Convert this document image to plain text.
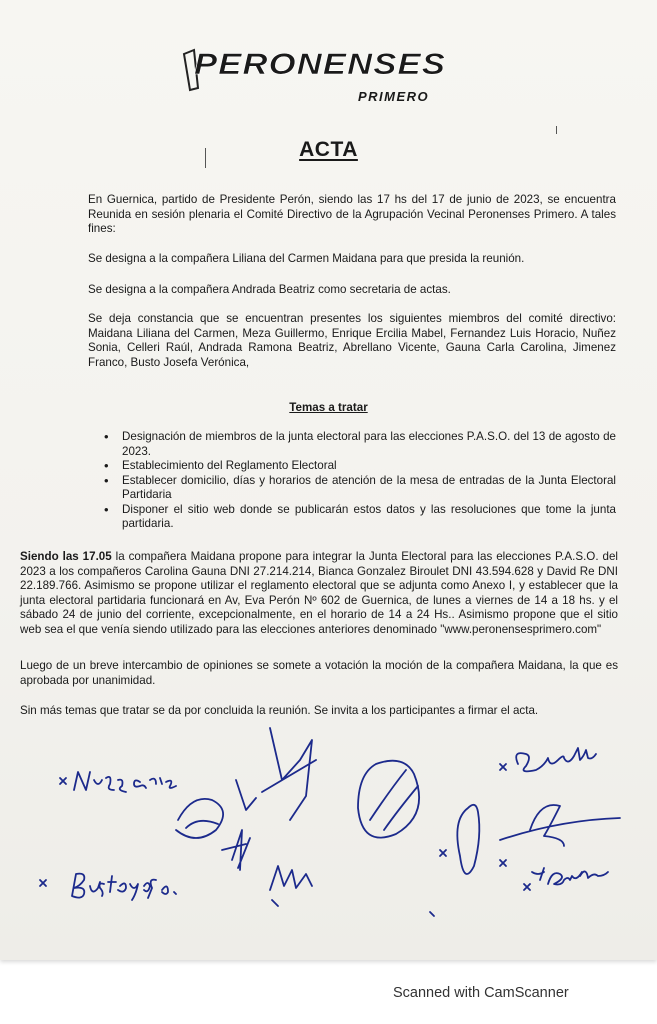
PERONENSES
PRIMERO
ACTA
En Guernica, partido de Presidente Perón, siendo las 17 hs del 17 de junio de 2023, se encuentra Reunida en sesión plenaria el Comité Directivo de la Agrupación Vecinal Peronenses Primero. A tales fines:
Se designa a la compañera Liliana del Carmen Maidana para que presida la reunión.
Se designa a la compañera Andrada Beatriz como secretaria de actas.
Se deja constancia que se encuentran presentes los siguientes miembros del comité directivo: Maidana Liliana del Carmen, Meza Guillermo, Enrique Ercilia Mabel, Fernandez Luis Horacio, Nuñez Sonia, Celleri Raúl, Andrada Ramona Beatriz, Abrellano Vicente, Gauna Carla Carolina, Jimenez Franco, Busto Josefa Verónica,
Temas a tratar
• Designación de miembros de la junta electoral para las elecciones P.A.S.O. del 13 de agosto de 2023.
• Establecimiento del Reglamento Electoral
• Establecer domicilio, días y horarios de atención de la mesa de entradas de la Junta Electoral Partidaria
• Disponer el sitio web donde se publicarán estos datos y las resoluciones que tome la junta partidaria.
Siendo las 17.05 la compañera Maidana propone para integrar la Junta Electoral para las elecciones P.A.S.O. del 2023 a los compañeros Carolina Gauna DNI 27.214.214, Bianca Gonzalez Biroulet DNI 43.594.628 y David Re DNI 22.189.766. Asimismo se propone utilizar el reglamento electoral que se adjunta como Anexo I, y establecer que la junta electoral partidaria funcionará en Av, Eva Perón Nº 602 de Guernica, de lunes a viernes de 14 a 18 hs. y el sábado 24 de junio del corriente, excepcionalmente, en el horario de 14 a 24 Hs.. Asimismo propone que el sitio web sea el que venía siendo utilizado para las elecciones anteriores denominado "www.peronensesprimero.com"
Luego de un breve intercambio de opiniones se somete a votación la moción de la compañera Maidana, la que es aprobada por unanimidad.
Sin más temas que tratar se da por concluida la reunión. Se invita a los participantes a firmar el acta.
Scanned with CamScanner
